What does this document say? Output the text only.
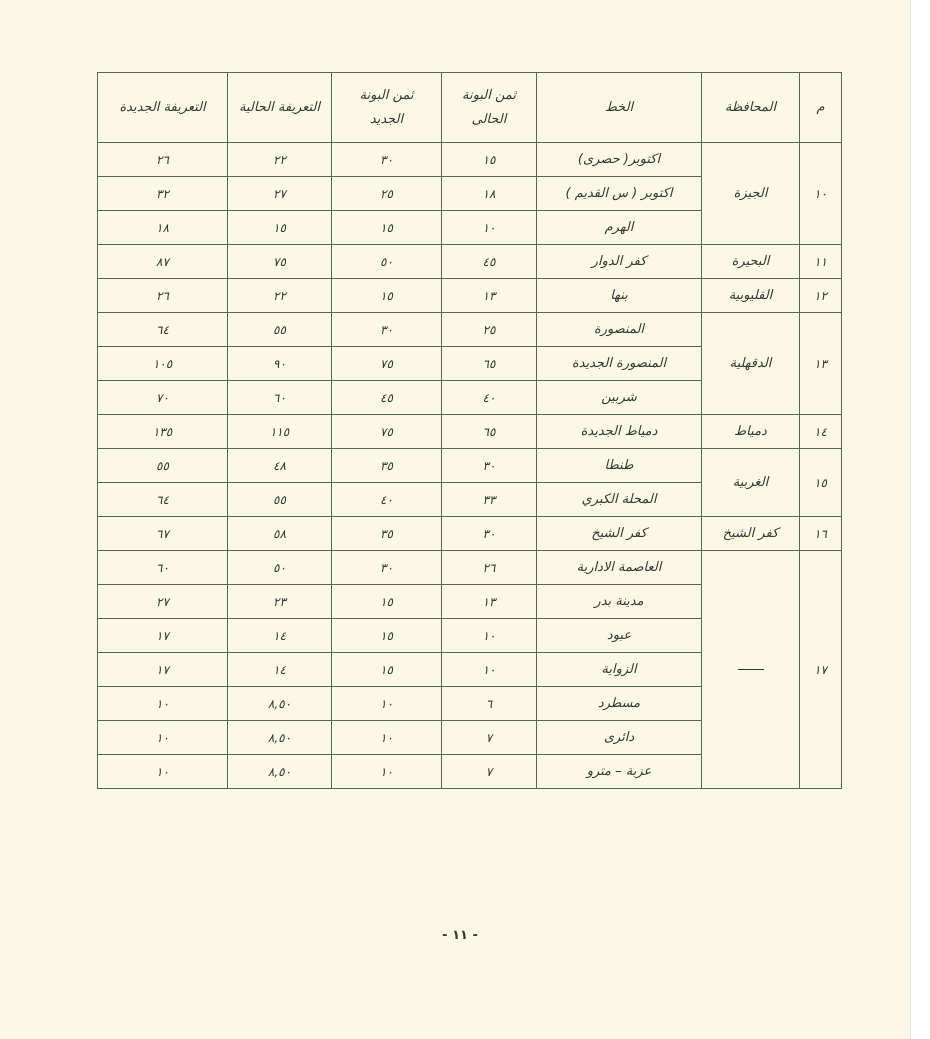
م	المحافظة	الخط	ثمن البونة الحالى	ثمن البونة الجديد	التعريفة الحالية	التعريفة الجديدة
١٠	الجيزة	اكتوبر( حصرى)	١٥	٣٠	٢٢	٢٦
		اكتوبر ( س القديم )	١٨	٢٥	٢٧	٣٢
		الهرم	١٠	١٥	١٥	١٨
١١	البحيرة	كفر الدوار	٤٥	٥٠	٧٥	٨٧
١٢	القليوبية	بنها	١٣	١٥	٢٢	٢٦
١٣	الدقهلية	المنصورة	٢٥	٣٠	٥٥	٦٤
		المنصورة الجديدة	٦٥	٧٥	٩٠	١٠٥
		شربين	٤٠	٤٥	٦٠	٧٠
١٤	دمياط	دمياط الجديدة	٦٥	٧٥	١١٥	١٣٥
١٥	الغربية	طنطا	٣٠	٣٥	٤٨	٥٥
		المحلة الكبري	٣٣	٤٠	٥٥	٦٤
١٦	كفر الشيخ	كفر الشيخ	٣٠	٣٥	٥٨	٦٧
١٧		العاصمة الادارية	٢٦	٣٠	٥٠	٦٠
		مدينة بدر	١٣	١٥	٢٣	٢٧
		عبود	١٠	١٥	١٤	١٧
		الزواية	١٠	١٥	١٤	١٧
		مسطرد	٦	١٠	٨,٥٠	١٠
		دائرى	٧	١٠	٨,٥٠	١٠
		عزبة – مترو	٧	١٠	٨,٥٠	١٠
- ١١ -
